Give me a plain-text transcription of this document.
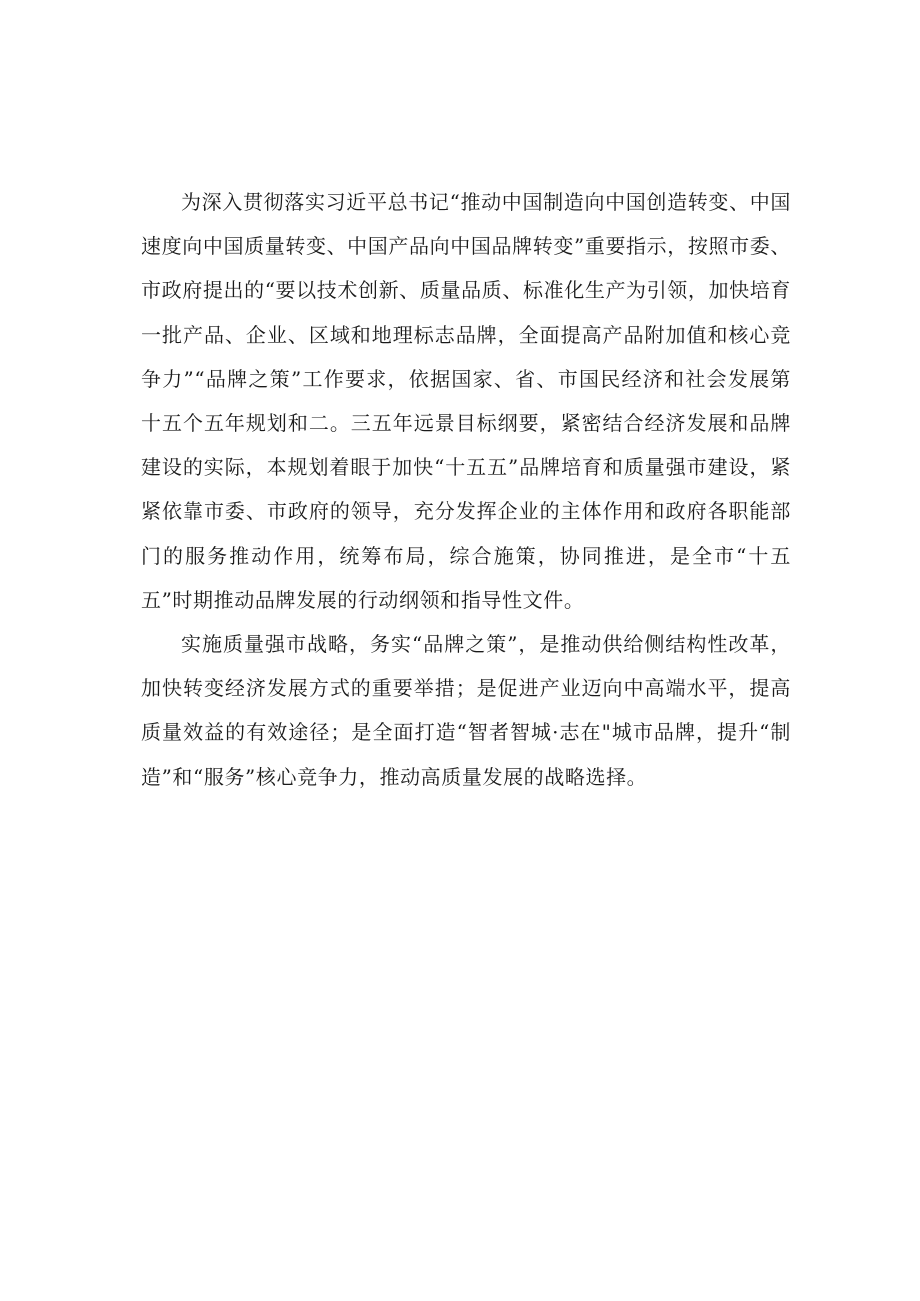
为深入贯彻落实习近平总书记“推动中国制造向中国创造转变、中国速度向中国质量转变、中国产品向中国品牌转变”重要指示，按照市委、市政府提出的“要以技术创新、质量品质、标准化生产为引领，加快培育一批产品、企业、区域和地理标志品牌，全面提高产品附加值和核心竞争力”“品牌之策”工作要求，依据国家、省、市国民经济和社会发展第十五个五年规划和二。三五年远景目标纲要，紧密结合经济发展和品牌建设的实际，本规划着眼于加快“十五五”品牌培育和质量强市建设，紧紧依靠市委、市政府的领导，充分发挥企业的主体作用和政府各职能部门的服务推动作用，统筹布局，综合施策，协同推进，是全市“十五五”时期推动品牌发展的行动纲领和指导性文件。

实施质量强市战略，务实“品牌之策”，是推动供给侧结构性改革，加快转变经济发展方式的重要举措；是促进产业迈向中高端水平，提高质量效益的有效途径；是全面打造“智者智城·志在"城市品牌，提升“制造”和“服务”核心竞争力，推动高质量发展的战略选择。
